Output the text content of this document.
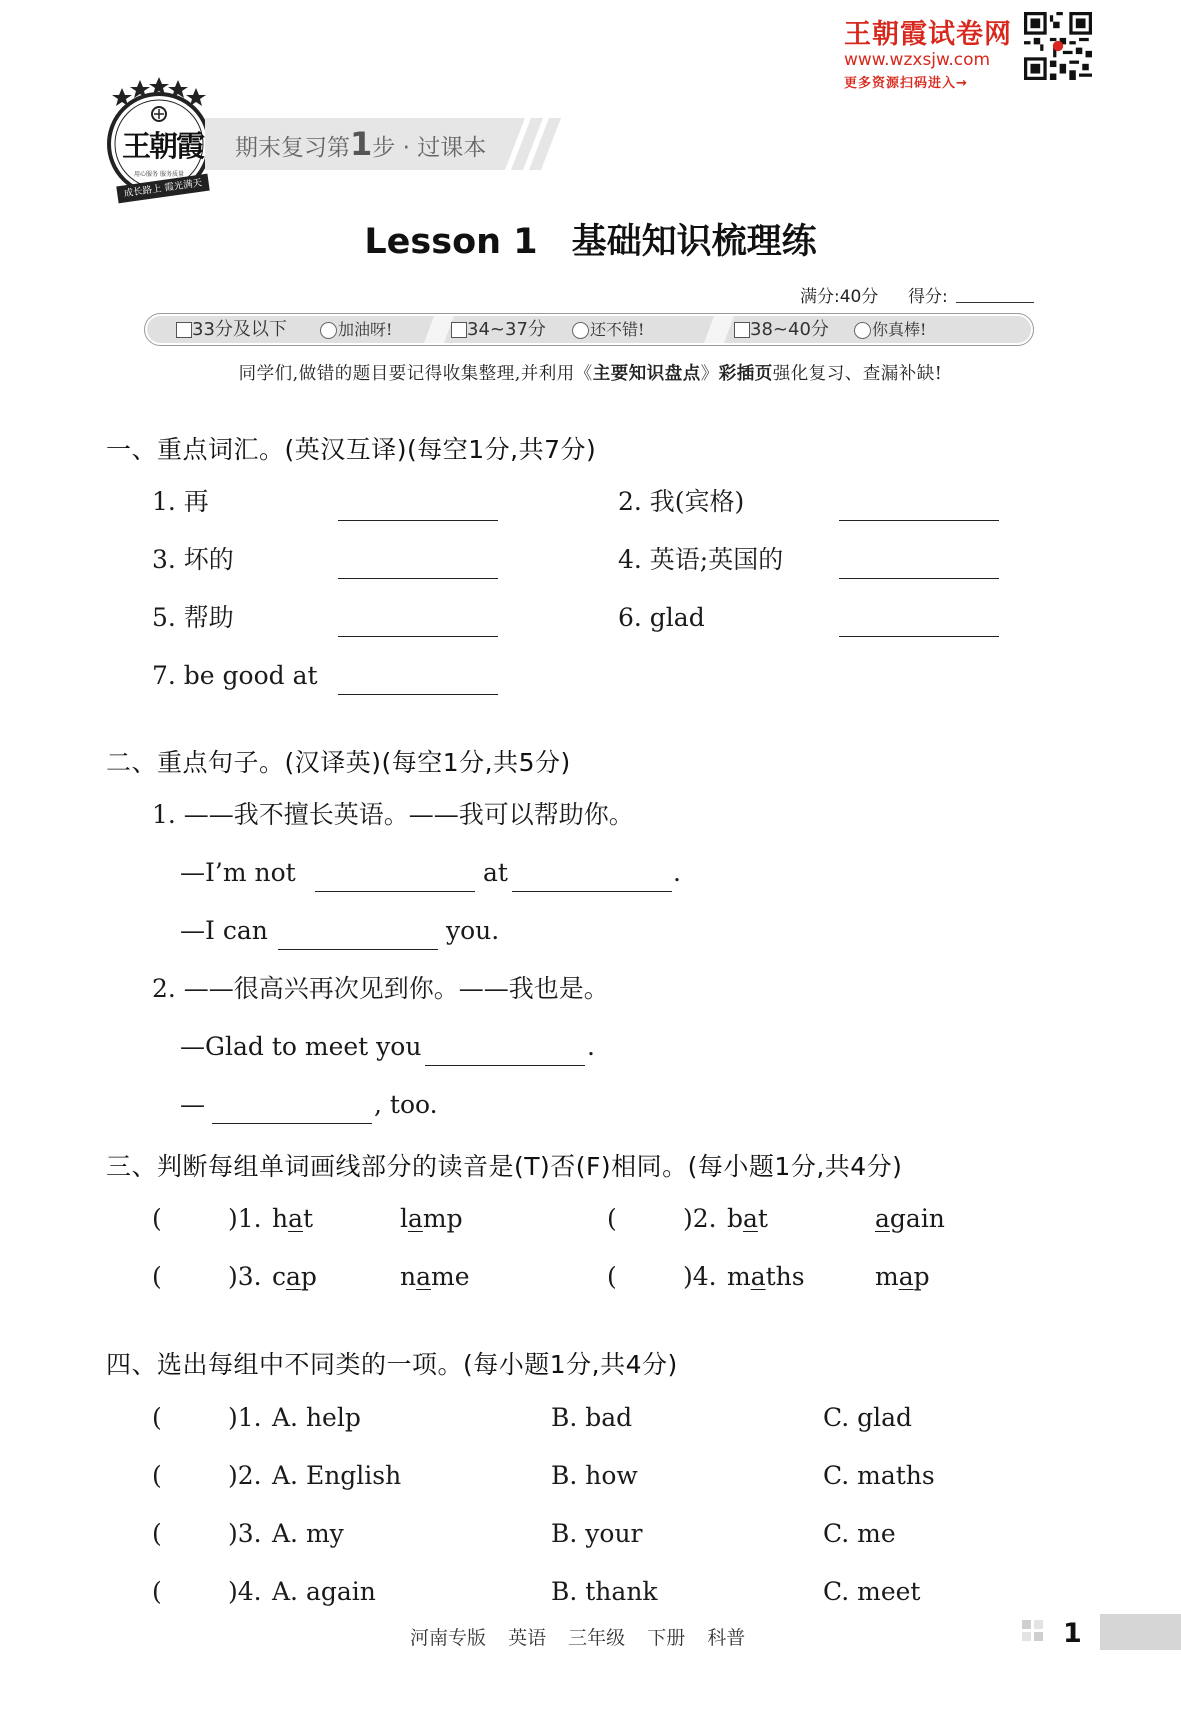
王朝霞试卷网
www.wzxsjw.com
更多资源扫码进入→
用心服务 服务质量
王朝霞
成长路上 霞光满天
期末复习第1步 · 过课本
Lesson 1 基础知识梳理练
满分:40分 得分:
33分及以下	加油呀!	34~37分	还不错!	38~40分	你真棒!
同学们,做错的题目要记得收集整理,并利用《主要知识盘点》彩插页强化复习、查漏补缺!
一、重点词汇。(英汉互译)(每空1分,共7分)
1. 再	2. 我(宾格)
3. 坏的	4. 英语;英国的
5. 帮助	6. glad
7. be good at
二、重点句子。(汉译英)(每空1分,共5分)
1. ——我不擅长英语。——我可以帮助你。
—I’m not	at	.
—I can	you.
2. ——很高兴再次见到你。——我也是。
—Glad to meet you	.
—	, too.
三、判断每组单词画线部分的读音是(T)否(F)相同。(每小题1分,共4分)
(	)1. hat	lamp	(	)2. bat	again
(	)3. cap	name	(	)4. maths	map
四、选出每组中不同类的一项。(每小题1分,共4分)
(	)1. A. help	B. bad	C. glad
(	)2. A. English	B. how	C. maths
(	)3. A. my	B. your	C. me
(	)4. A. again	B. thank	C. meet
河南专版 英语 三年级 下册 科普	1
